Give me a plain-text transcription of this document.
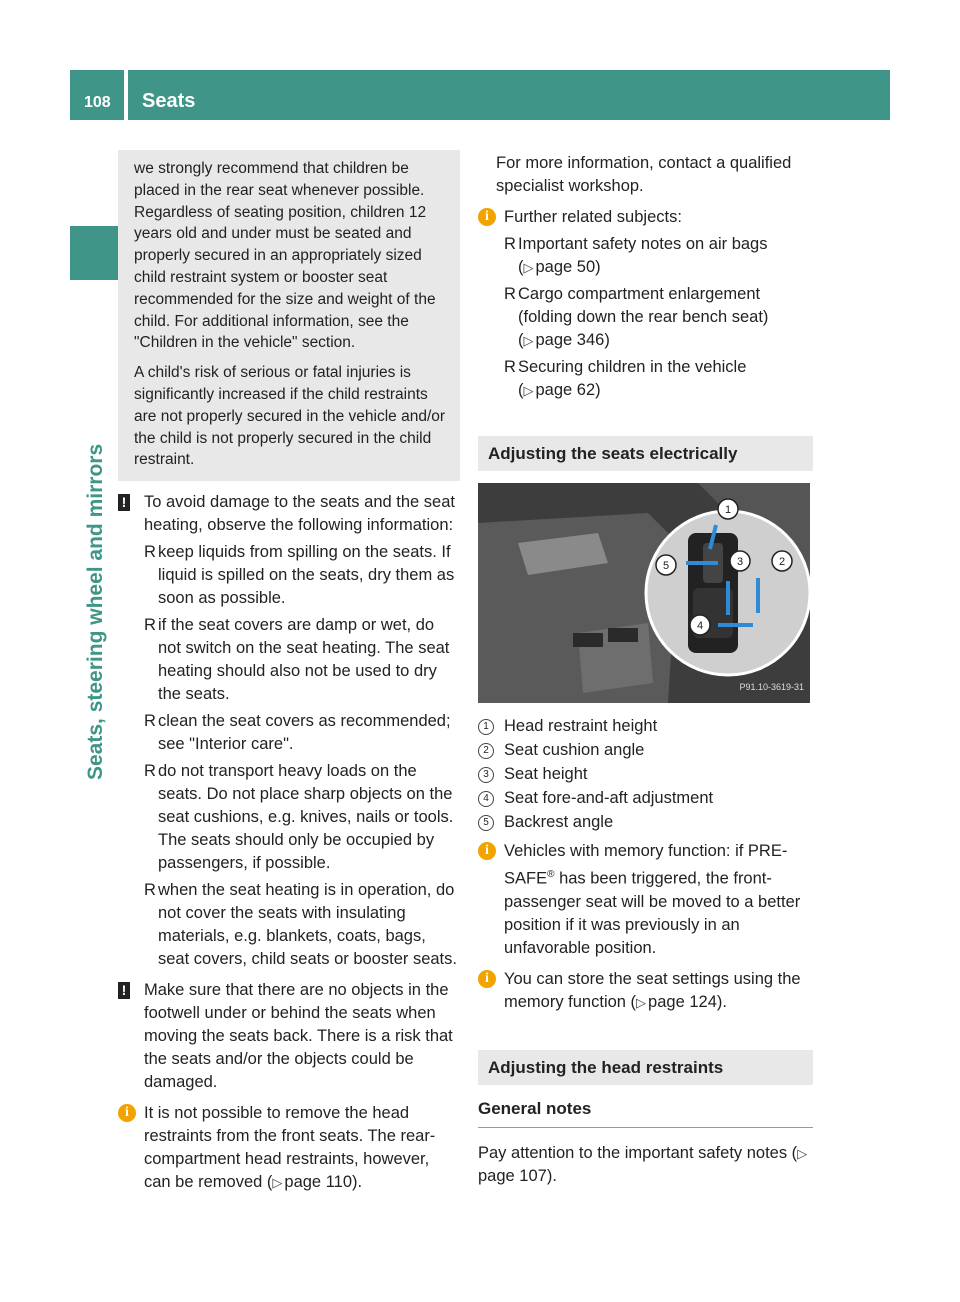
108 Seats
Seats, steering wheel and mirrors

we strongly recommend that children be placed in the rear seat whenever possible. Regardless of seating position, children 12 years old and under must be seated and properly secured in an appropriately sized child restraint system or booster seat recommended for the size and weight of the child. For additional information, see the "Children in the vehicle" section.

A child's risk of serious or fatal injuries is significantly increased if the child restraints are not properly secured in the vehicle and/or the child is not properly secured in the child restraint.

! To avoid damage to the seats and the seat heating, observe the following information:
R keep liquids from spilling on the seats. If liquid is spilled on the seats, dry them as soon as possible.
R if the seat covers are damp or wet, do not switch on the seat heating. The seat heating should also not be used to dry the seats.
R clean the seat covers as recommended; see "Interior care".
R do not transport heavy loads on the seats. Do not place sharp objects on the seat cushions, e.g. knives, nails or tools. The seats should only be occupied by passengers, if possible.
R when the seat heating is in operation, do not cover the seats with insulating materials, e.g. blankets, coats, bags, seat covers, child seats or booster seats.
! Make sure that there are no objects in the footwell under or behind the seats when moving the seats back. There is a risk that the seats and/or the objects could be damaged.
i It is not possible to remove the head restraints from the front seats. The rear-compartment head restraints, however, can be removed (▷ page 110).

For more information, contact a qualified specialist workshop.

i Further related subjects:
R Important safety notes on air bags
(▷ page 50)
R Cargo compartment enlargement (folding down the rear bench seat)
(▷ page 346)
R Securing children in the vehicle
(▷ page 62)
Adjusting the seats electrically
1
2
3
4
5
P91.10-3619-31
1 Head restraint height
2 Seat cushion angle
3 Seat height
4 Seat fore-and-aft adjustment
5 Backrest angle
i Vehicles with memory function: if PRE-SAFE® has been triggered, the front-passenger seat will be moved to a better position if it was previously in an unfavorable position.
i You can store the seat settings using the memory function (▷ page 124).
Adjusting the head restraints
General notes

Pay attention to the important safety notes (▷page 107).
